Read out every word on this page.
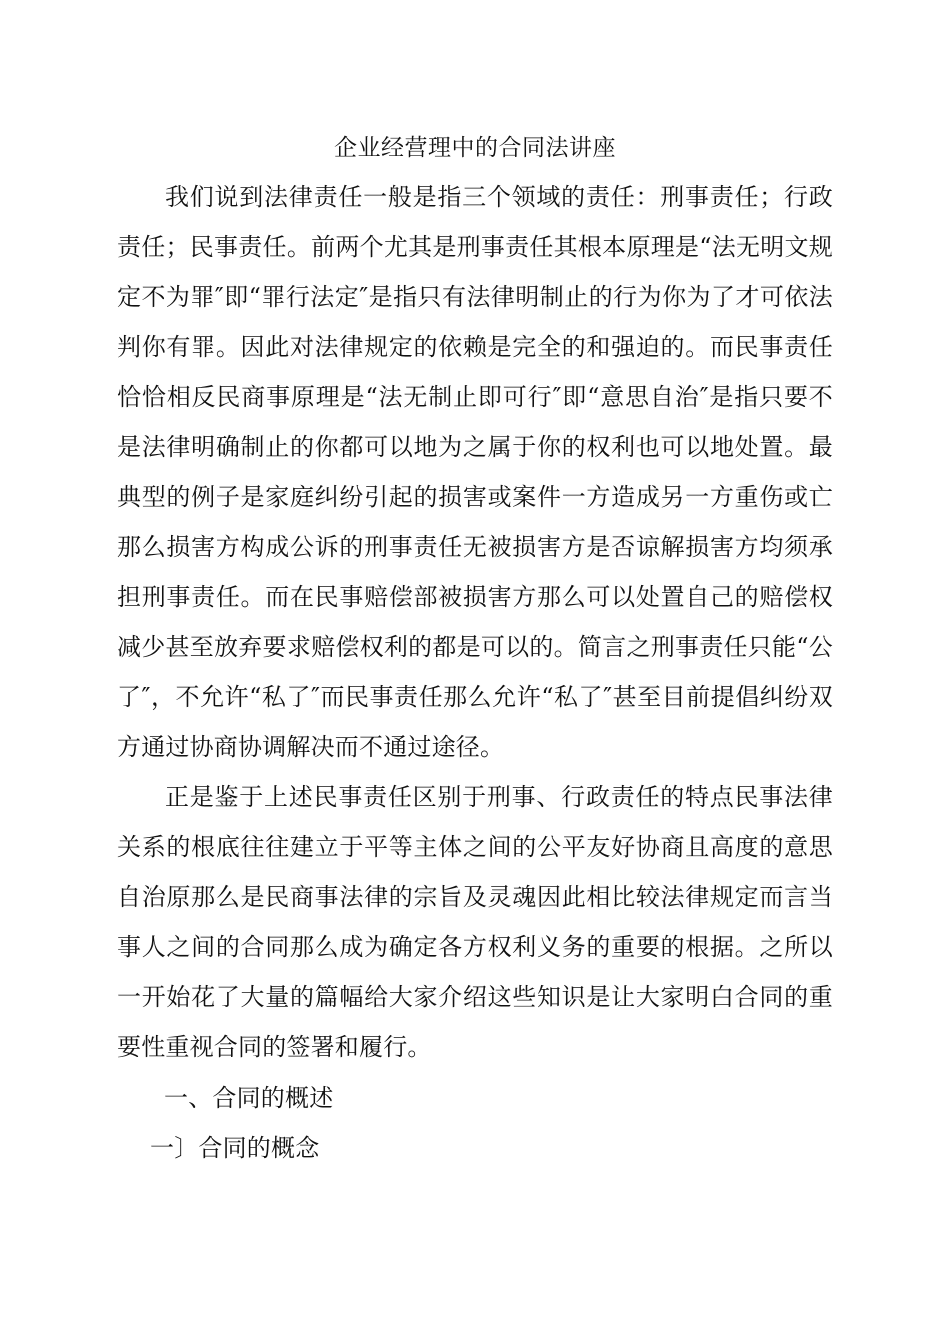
企业经营理中的合同法讲座

我们说到法律责任一般是指三个领域的责任：刑事责任；行政责任；民事责任。前两个尤其是刑事责任其根本原理是“法无明文规定不为罪″即“罪行法定″是指只有法律明制止的行为你为了才可依法判你有罪。因此对法律规定的依赖是完全的和强迫的。而民事责任恰恰相反民商事原理是“法无制止即可行″即“意思自治″是指只要不是法律明确制止的你都可以地为之属于你的权利也可以地处置。最典型的例子是家庭纠纷引起的损害或案件一方造成另一方重伤或亡那么损害方构成公诉的刑事责任无被损害方是否谅解损害方均须承担刑事责任。而在民事赔偿部被损害方那么可以处置自己的赔偿权减少甚至放弃要求赔偿权利的都是可以的。简言之刑事责任只能“公了″，不允许“私了″而民事责任那么允许“私了″甚至目前提倡纠纷双方通过协商协调解决而不通过途径。

正是鉴于上述民事责任区别于刑事、行政责任的特点民事法律关系的根底往往建立于平等主体之间的公平友好协商且高度的意思自治原那么是民商事法律的宗旨及灵魂因此相比较法律规定而言当事人之间的合同那么成为确定各方权利义务的重要的根据。之所以一开始花了大量的篇幅给大家介绍这些知识是让大家明白合同的重要性重视合同的签署和履行。

一、合同的概述
一〕合同的概念
